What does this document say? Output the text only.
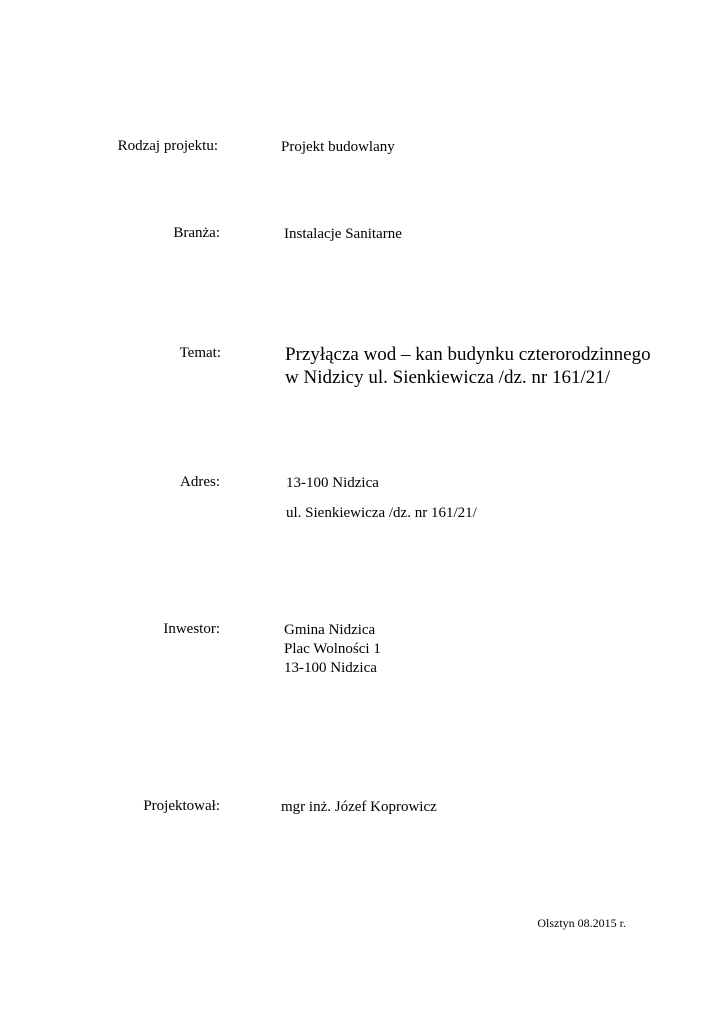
Rodzaj projektu:	Projekt budowlany
Branża:	Instalacje Sanitarne
Temat:	Przyłącza wod – kan budynku czterorodzinnego
w Nidzicy ul. Sienkiewicza /dz. nr 161/21/
Adres:	13-100 Nidzica
ul. Sienkiewicza /dz. nr 161/21/
Inwestor:	Gmina Nidzica
Plac Wolności 1
13-100 Nidzica
Projektował:	mgr inż. Józef Koprowicz
Olsztyn 08.2015 r.
